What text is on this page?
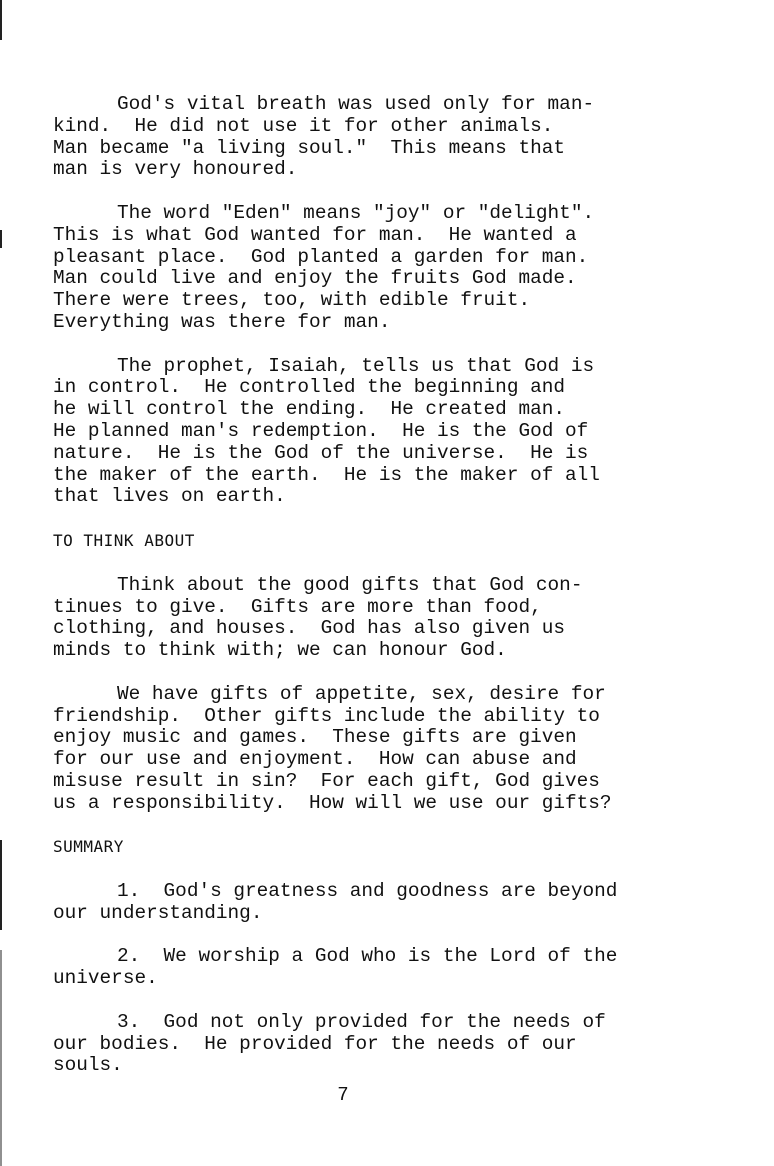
God's vital breath was used only for man-
kind.  He did not use it for other animals.
Man became "a living soul."  This means that
man is very honoured.
The word "Eden" means "joy" or "delight".
This is what God wanted for man.  He wanted a
pleasant place.  God planted a garden for man.
Man could live and enjoy the fruits God made.
There were trees, too, with edible fruit.
Everything was there for man.
The prophet, Isaiah, tells us that God is
in control.  He controlled the beginning and
he will control the ending.  He created man.
He planned man's redemption.  He is the God of
nature.  He is the God of the universe.  He is
the maker of the earth.  He is the maker of all
that lives on earth.
TO THINK ABOUT
Think about the good gifts that God con-
tinues to give.  Gifts are more than food,
clothing, and houses.  God has also given us
minds to think with; we can honour God.
We have gifts of appetite, sex, desire for
friendship.  Other gifts include the ability to
enjoy music and games.  These gifts are given
for our use and enjoyment.  How can abuse and
misuse result in sin?  For each gift, God gives
us a responsibility.  How will we use our gifts?
SUMMARY
1.  God's greatness and goodness are beyond
our understanding.
2.  We worship a God who is the Lord of the
universe.
3.  God not only provided for the needs of
our bodies.  He provided for the needs of our
souls.
7
